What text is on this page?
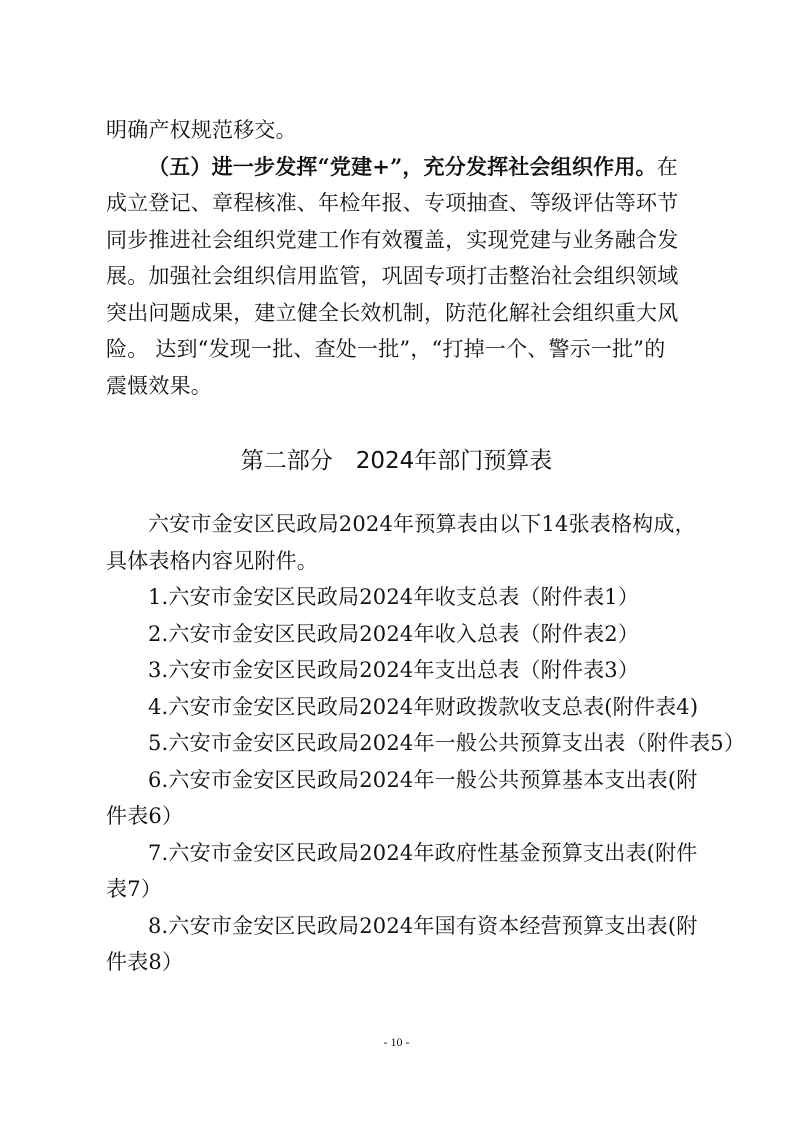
明确产权规范移交。
（五）进一步发挥“党建+”，充分发挥社会组织作用。在
成立登记、章程核准、年检年报、专项抽查、等级评估等环节
同步推进社会组织党建工作有效覆盖，实现党建与业务融合发
展。加强社会组织信用监管，巩固专项打击整治社会组织领域
突出问题成果，建立健全长效机制，防范化解社会组织重大风
险。 达到“发现一批、查处一批”，“打掉一个、警示一批”的
震慑效果。
第二部分　2024年部门预算表
六安市金安区民政局2024年预算表由以下14张表格构成，
具体表格内容见附件。
1.六安市金安区民政局2024年收支总表（附件表1）
2.六安市金安区民政局2024年收入总表（附件表2）
3.六安市金安区民政局2024年支出总表（附件表3）
4.六安市金安区民政局2024年财政拨款收支总表(附件表4)
5.六安市金安区民政局2024年一般公共预算支出表（附件表5）
6.六安市金安区民政局2024年一般公共预算基本支出表(附
件表6）
7.六安市金安区民政局2024年政府性基金预算支出表(附件
表7）
8.六安市金安区民政局2024年国有资本经营预算支出表(附
件表8）
- 10 -
